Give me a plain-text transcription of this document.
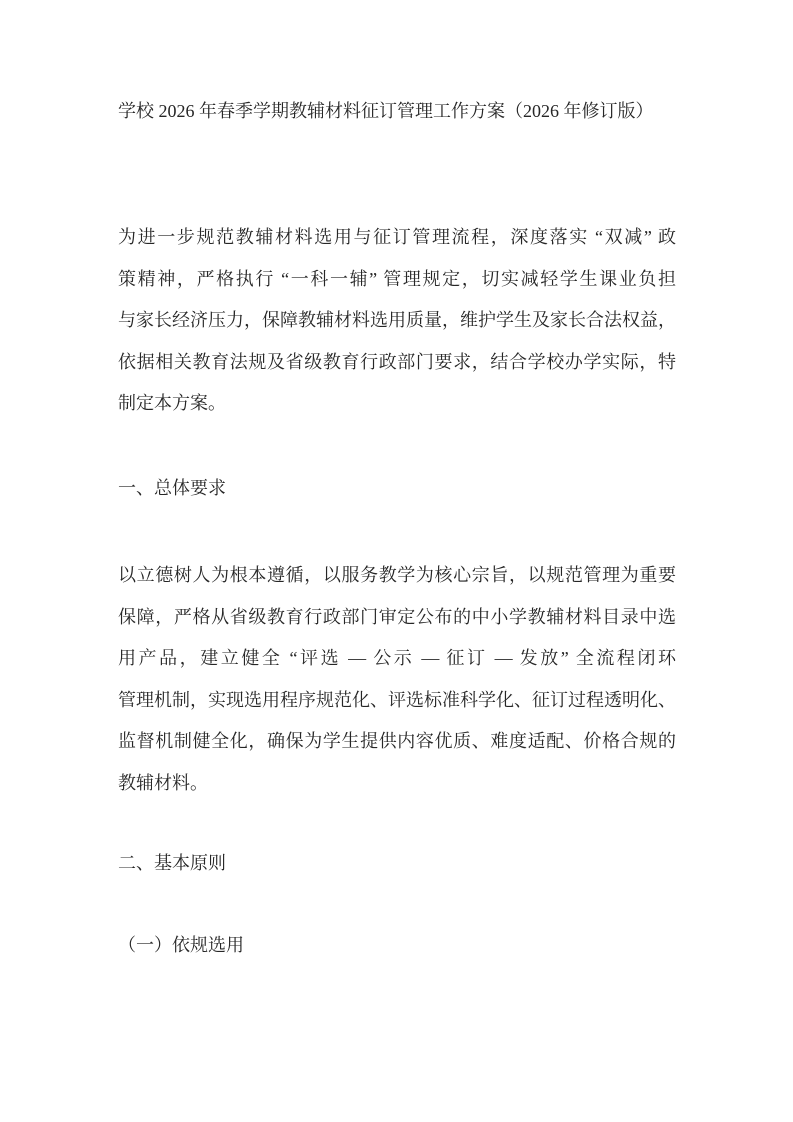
学校 2026 年春季学期教辅材料征订管理工作方案（2026 年修订版）
为进一步规范教辅材料选用与征订管理流程，深度落实 “双减” 政
策精神，严格执行 “一科一辅” 管理规定，切实减轻学生课业负担
与家长经济压力，保障教辅材料选用质量，维护学生及家长合法权益，
依据相关教育法规及省级教育行政部门要求，结合学校办学实际，特
制定本方案。
一、总体要求
以立德树人为根本遵循，以服务教学为核心宗旨，以规范管理为重要
保障，严格从省级教育行政部门审定公布的中小学教辅材料目录中选
用产品，建立健全 “评选 — 公示 — 征订 — 发放” 全流程闭环
管理机制，实现选用程序规范化、评选标准科学化、征订过程透明化、
监督机制健全化，确保为学生提供内容优质、难度适配、价格合规的
教辅材料。
二、基本原则
（一）依规选用
